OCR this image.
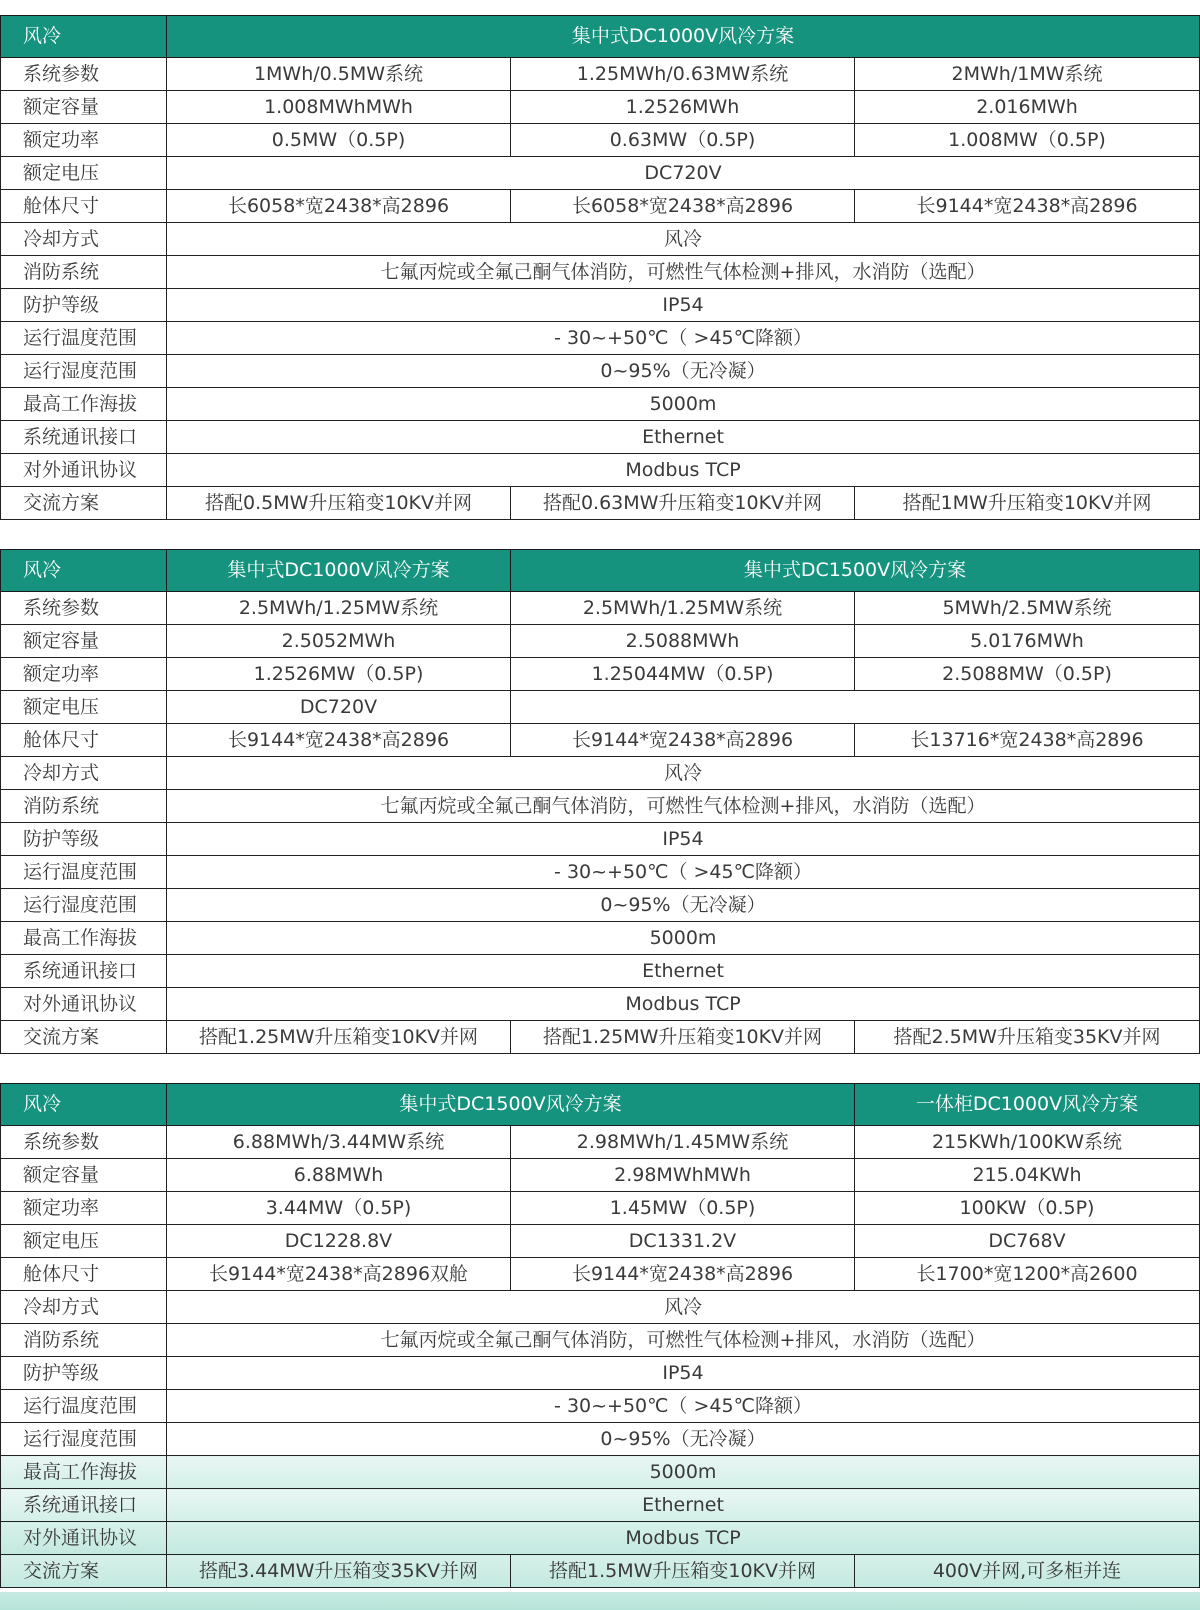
风冷	集中式DC1000V风冷方案		
系统参数	1MWh/0.5MW系统	1.25MWh/0.63MW系统	2MWh/1MW系统
额定容量	1.008MWhMWh	1.2526MWh	2.016MWh
额定功率	0.5MW（0.5P)	0.63MW（0.5P)	1.008MW（0.5P)
额定电压	DC720V		
舱体尺寸	长6058*宽2438*高2896	长6058*宽2438*高2896	长9144*宽2438*高2896
冷却方式	风冷		
消防系统	七氟丙烷或全氟己酮气体消防，可燃性气体检测+排风，水消防（选配）		
防护等级	IP54		
运行温度范围	- 30~+50℃（ >45℃降额）		
运行湿度范围	0~95%（无冷凝）		
最高工作海拔	5000m		
系统通讯接口	Ethernet		
对外通讯协议	Modbus TCP		
交流方案	搭配0.5MW升压箱变10KV并网	搭配0.63MW升压箱变10KV并网	搭配1MW升压箱变10KV并网
风冷	集中式DC1000V风冷方案	集中式DC1500V风冷方案	
系统参数	2.5MWh/1.25MW系统	2.5MWh/1.25MW系统	5MWh/2.5MW系统
额定容量	2.5052MWh	2.5088MWh	5.0176MWh
额定功率	1.2526MW（0.5P)	1.25044MW（0.5P)	2.5088MW（0.5P)
额定电压	DC720V		
舱体尺寸	长9144*宽2438*高2896	长9144*宽2438*高2896	长13716*宽2438*高2896
冷却方式	风冷		
消防系统	七氟丙烷或全氟己酮气体消防，可燃性气体检测+排风，水消防（选配）		
防护等级	IP54		
运行温度范围	- 30~+50℃（ >45℃降额）		
运行湿度范围	0~95%（无冷凝）		
最高工作海拔	5000m		
系统通讯接口	Ethernet		
对外通讯协议	Modbus TCP		
交流方案	搭配1.25MW升压箱变10KV并网	搭配1.25MW升压箱变10KV并网	搭配2.5MW升压箱变35KV并网
风冷	集中式DC1500V风冷方案		一体柜DC1000V风冷方案
系统参数	6.88MWh/3.44MW系统	2.98MWh/1.45MW系统	215KWh/100KW系统
额定容量	6.88MWh	2.98MWhMWh	215.04KWh
额定功率	3.44MW（0.5P)	1.45MW（0.5P)	100KW（0.5P)
额定电压	DC1228.8V	DC1331.2V	DC768V
舱体尺寸	长9144*宽2438*高2896双舱	长9144*宽2438*高2896	长1700*宽1200*高2600
冷却方式	风冷		
消防系统	七氟丙烷或全氟己酮气体消防，可燃性气体检测+排风，水消防（选配）		
防护等级	IP54		
运行温度范围	- 30~+50℃（ >45℃降额）		
运行湿度范围	0~95%（无冷凝）		
最高工作海拔	5000m		
系统通讯接口	Ethernet		
对外通讯协议	Modbus TCP		
交流方案	搭配3.44MW升压箱变35KV并网	搭配1.5MW升压箱变10KV并网	400V并网,可多柜并连
